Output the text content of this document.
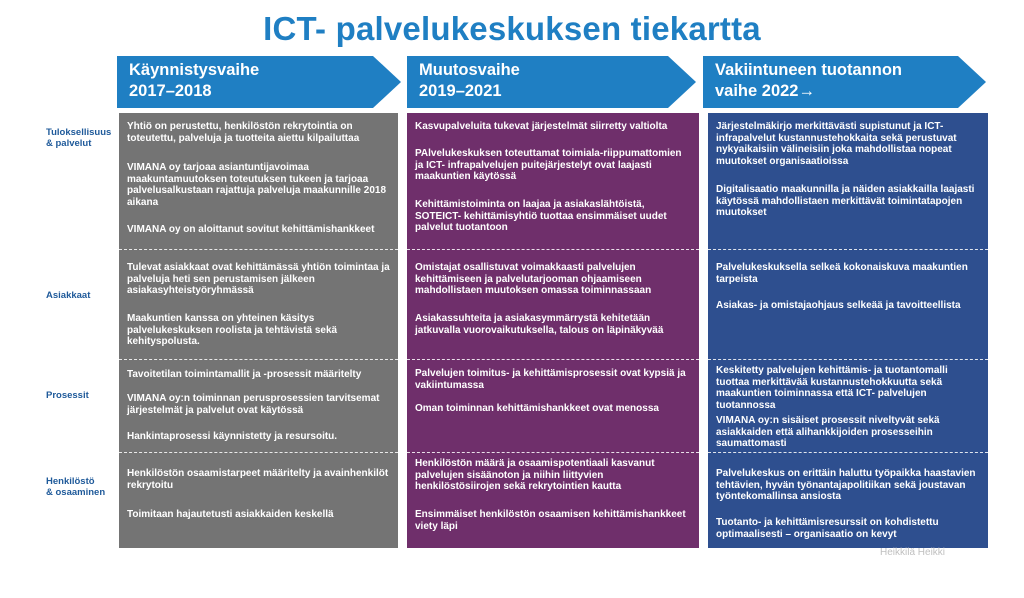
ICT- palvelukeskuksen tiekartta
Käynnistysvaihe
2017–2018
Muutosvaihe
2019–2021
Vakiintuneen tuotannon
vaihe 2022→
Tuloksellisuus
& palvelut
Asiakkaat
Prosessit
Henkilöstö
& osaaminen

Yhtiö on perustettu, henkilöstön rekrytointia on toteutettu, palveluja ja tuotteita aiettu kilpailuttaa

VIMANA oy tarjoaa asiantuntijavoimaa maakuntamuutoksen toteutuksen tukeen ja tarjoaa palvelusalkustaan rajattuja palveluja maakunnille 2018 aikana

VIMANA oy on aloittanut sovitut kehittämishankkeet

Tulevat asiakkaat ovat kehittämässä yhtiön toimintaa ja palveluja heti sen perustamisen jälkeen asiakasyhteistyöryhmässä

Maakuntien kanssa on yhteinen käsitys palvelukeskuksen roolista ja tehtävistä sekä kehityspolusta.

Tavoitetilan toimintamallit ja -prosessit määritelty

VIMANA oy:n toiminnan perusprosessien tarvitsemat järjestelmät ja palvelut ovat käytössä

Hankintaprosessi käynnistetty ja resursoitu.

Henkilöstön osaamistarpeet määritelty ja avainhenkilöt rekrytoitu

Toimitaan hajautetusti asiakkaiden keskellä

Kasvupalveluita tukevat järjestelmät siirretty valtiolta

PAlvelukeskuksen toteuttamat toimiala-riippumattomien ja ICT- infrapalvelujen puitejärjestelyt ovat laajasti maakuntien käytössä

Kehittämistoiminta on laajaa ja asiakaslähtöistä, SOTEICT- kehittämisyhtiö tuottaa ensimmäiset uudet palvelut tuotantoon

Omistajat osallistuvat voimakkaasti palvelujen kehittämiseen ja palvelutarjooman ohjaamiseen mahdollistaen muutoksen omassa toiminnassaan

Asiakassuhteita ja asiakasymmärrystä kehitetään jatkuvalla vuorovaikutuksella, talous on läpinäkyvää

Palvelujen toimitus- ja kehittämisprosessit ovat kypsiä ja vakiintumassa

Oman toiminnan kehittämishankkeet ovat menossa

Henkilöstön määrä ja osaamispotentiaali kasvanut palvelujen sisäänoton ja niihin liittyvien henkilöstösiirojen sekä rekrytointien kautta

Ensimmäiset henkilöstön osaamisen kehittämishankkeet viety läpi

Järjestelmäkirjo merkittävästi supistunut ja ICT-infrapalvelut kustannustehokkaita sekä perustuvat nykyaikaisiin välineisiin joka mahdollistaa nopeat muutokset organisaatioissa

Digitalisaatio maakunnilla ja näiden asiakkailla laajasti käytössä mahdollistaen merkittävät toimintatapojen muutokset

Palvelukeskuksella selkeä kokonaiskuva maakuntien tarpeista

Asiakas- ja omistajaohjaus selkeää ja tavoitteellista

Keskitetty palvelujen kehittämis- ja tuotantomalli tuottaa merkittävää kustannustehokkuutta sekä maakuntien toiminnassa että ICT- palvelujen tuotannossa

VIMANA oy:n sisäiset prosessit niveltyvät sekä asiakkaiden että alihankkijoiden prosesseihin saumattomasti

Palvelukeskus on erittäin haluttu työpaikka haastavien tehtävien, hyvän työnantajapolitiikan sekä joustavan työntekomallinsa ansiosta

Tuotanto- ja kehittämisresurssit on kohdistettu optimaalisesti – organisaatio on kevyt

Heikkilä Heikki
